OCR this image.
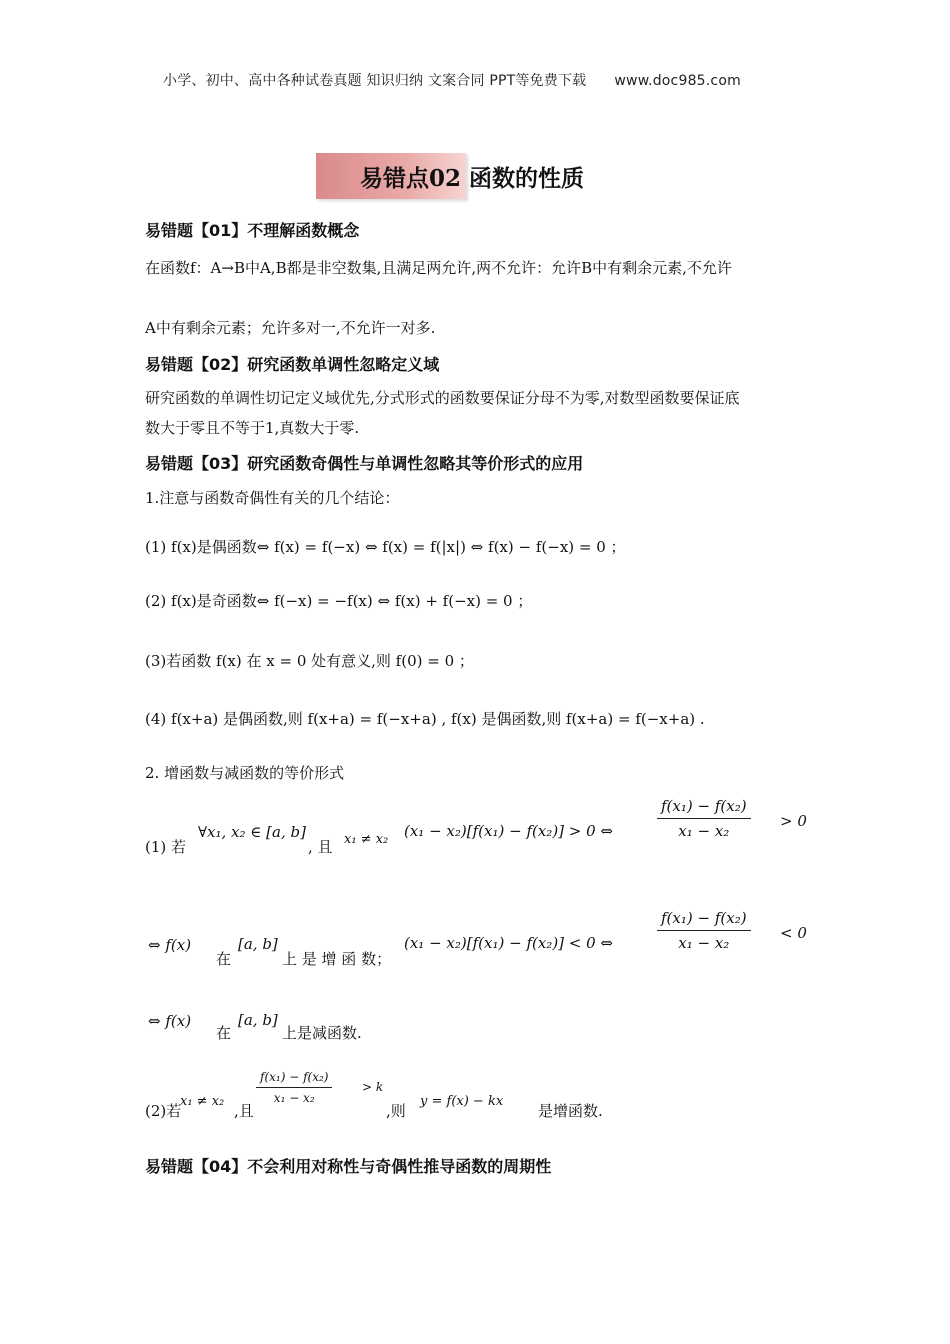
小学、初中、高中各种试卷真题 知识归纳 文案合同 PPT等免费下载 www.doc985.com
易错点02 函数的性质
易错题【01】不理解函数概念
在函数f：A→B中A,B都是非空数集,且满足两允许,两不允许：允许B中有剩余元素,不允许
A中有剩余元素；允许多对一,不允许一对多.
易错题【02】研究函数单调性忽略定义域
研究函数的单调性切记定义域优先,分式形式的函数要保证分母不为零,对数型函数要保证底
数大于零且不等于1,真数大于零.
易错题【03】研究函数奇偶性与单调性忽略其等价形式的应用
1.注意与函数奇偶性有关的几个结论：
(1) f(x)是偶函数⇔ f(x) = f(−x) ⇔ f(x) = f(|x|) ⇔ f(x) − f(−x) = 0 ；
(2) f(x)是奇函数⇔ f(−x) = −f(x) ⇔ f(x) + f(−x) = 0 ；
(3)若函数 f(x) 在 x = 0 处有意义,则 f(0) = 0 ；
(4) f(x+a) 是偶函数,则 f(x+a) = f(−x+a) , f(x) 是偶函数,则 f(x+a) = f(−x+a) .
2. 增函数与减函数的等价形式
(1) 若
∀x₁, x₂ ∈ [a, b]
, 且 x₁ ≠ x₂ (x₁ − x₂)[f(x₁) − f(x₂)] > 0 ⇔	$\frac{\text{f(x₁) − f(x₂)}}{\text{x₁ − x₂}} > 0$
⇔ f(x)
在
[a, b]
上 是 增 函 数；
(x₁ − x₂)[f(x₁) − f(x₂)] < 0 ⇔	$\frac{\text{f(x₁) − f(x₂)}}{\text{x₁ − x₂}} < 0$
⇔ f(x)
在
[a, b]
上是减函数.
(2)若
x₁ ≠ x₂
,且
$\frac{\text{f(x₁) − f(x₂)}}{\text{x₁ − x₂}} > k$
,则
y = f(x) − kx
是增函数.
易错题【04】不会利用对称性与奇偶性推导函数的周期性
